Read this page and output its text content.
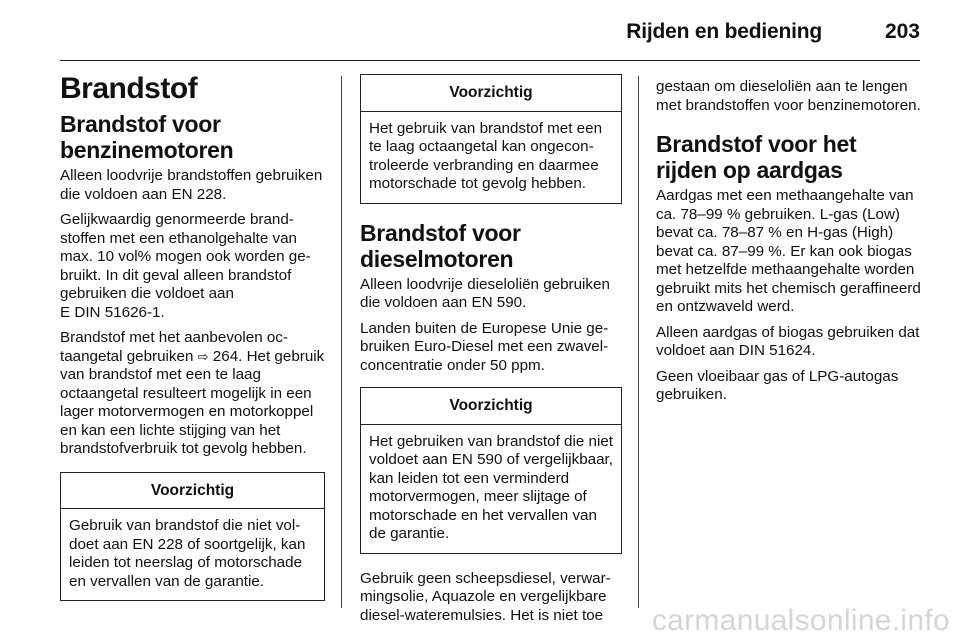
Rijden en bediening	203
Brandstof
Brandstof voor benzinemotoren

Alleen loodvrije brandstoffen gebruiken die voldoen aan EN 228.

Gelijkwaardig genormeerde brandstoffen met een ethanolgehalte van max. 10 vol% mogen ook worden gebruikt. In dit geval alleen brandstof gebruiken die voldoet aan
E DIN 51626-1.

Brandstof met het aanbevolen octaangetal gebruiken ⇨ 264. Het gebruik van brandstof met een te laag octaangetal resulteert mogelijk in een lager motorvermogen en motorkoppel en kan een lichte stijging van het brandstofverbruik tot gevolg hebben.

Voorzichtig
Gebruik van brandstof die niet voldoet aan EN 228 of soortgelijk, kan leiden tot neerslag of motorschade en vervallen van de garantie.
Voorzichtig
Het gebruik van brandstof met een te laag octaangetal kan ongecontroleerde verbranding en daarmee motorschade tot gevolg hebben.
Brandstof voor dieselmotoren

Alleen loodvrije dieseloliën gebruiken die voldoen aan EN 590.

Landen buiten de Europese Unie gebruiken Euro-Diesel met een zwavelconcentratie onder 50 ppm.

Voorzichtig
Het gebruiken van brandstof die niet voldoet aan EN 590 of vergelijkbaar, kan leiden tot een verminderd motorvermogen, meer slijtage of motorschade en het vervallen van de garantie.

Gebruik geen scheepsdiesel, verwarmingsolie, Aquazole en vergelijkbare diesel-wateremulsies. Het is niet toe

gestaan om dieseloliën aan te lengen met brandstoffen voor benzinemotoren.

Brandstof voor het rijden op aardgas

Aardgas met een methaangehalte van ca. 78–99 % gebruiken. L-gas (Low) bevat ca. 78–87 % en H-gas (High) bevat ca. 87–99 %. Er kan ook biogas met hetzelfde methaangehalte worden gebruikt mits het chemisch geraffineerd en ontzwaveld werd.

Alleen aardgas of biogas gebruiken dat voldoet aan DIN 51624.

Geen vloeibaar gas of LPG-autogas gebruiken.

carmanualsonline.info
